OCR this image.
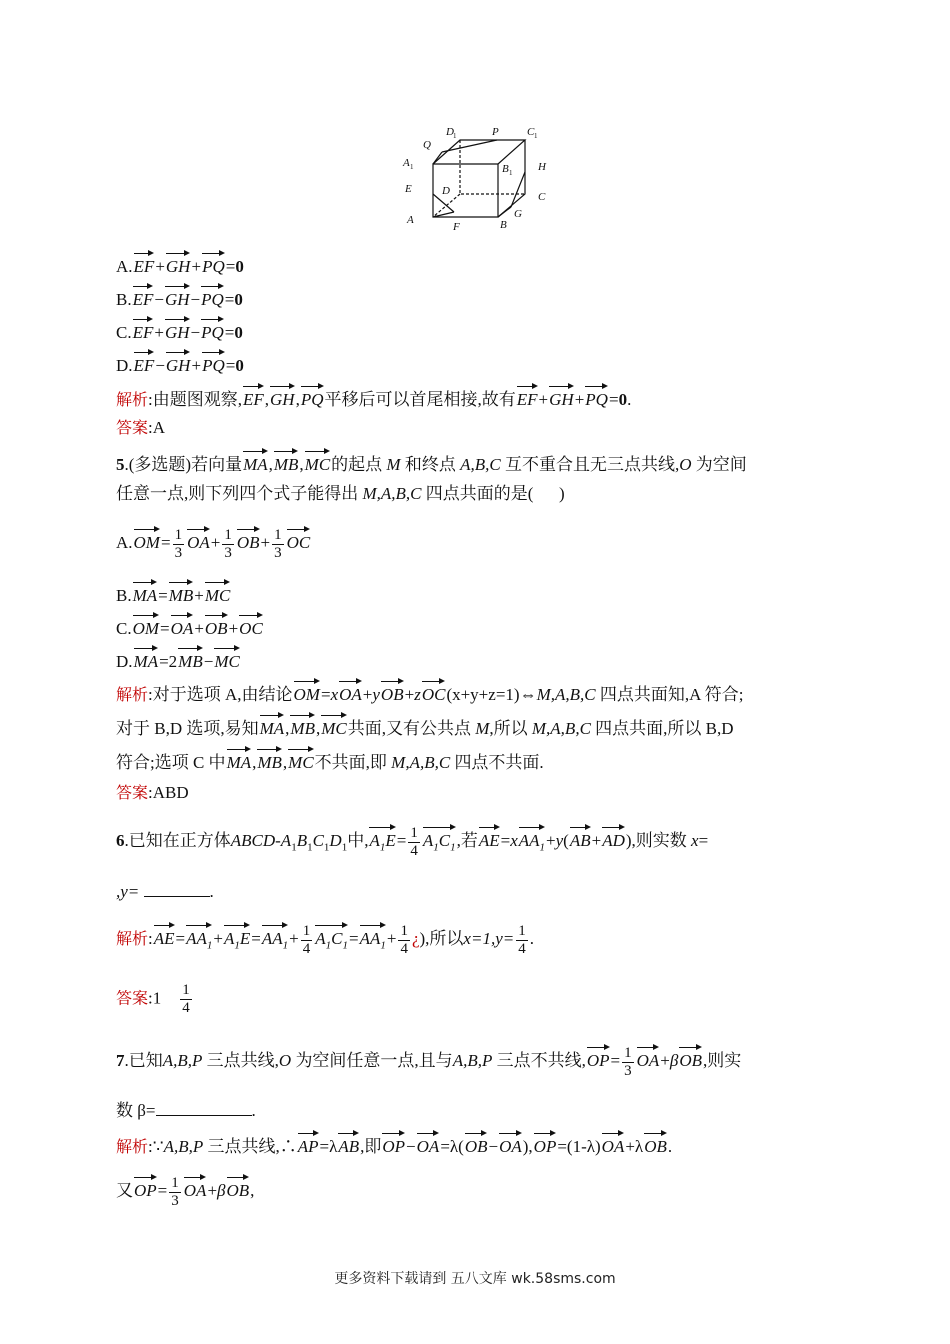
D 1	P	C 1
Q
A 1	B 1 H
E	D	C
G
A	B
F
A.EF+GH+PQ=0
B.EF−GH−PQ=0
C.EF+GH−PQ=0
D.EF−GH+PQ=0
解析:由题图观察,EF,GH,PQ平移后可以首尾相接,故有EF+GH+PQ=0.
答案:A
5.(多选题)若向量MA,MB,MC的起点 M 和终点 A,B,C 互不重合且无三点共线,O 为空间
任意一点,则下列四个式子能得出 M,A,B,C 四点共面的是( )
$A.OM= \frac{1}{3} OA+ \frac{1}{3} OB+ \frac{1}{3}$ OC
B.MA=MB+MC
C.OM=OA+OB+OC
D.MA=2MB−MC
解析:对于选项 A,由结论OM=xOA+yOB+zOC(x+y+z=1)⇔M,A,B,C 四点共面知,A 符合;
对于 B,D 选项,易知MA,MB,MC共面,又有公共点 M,所以 M,A,B,C 四点共面,所以 B,D
符合;选项 C 中MA,MB,MC不共面,即 M,A,B,C 四点不共面.
答案:ABD
6.已知在正方体ABCD-$A_1B_1C_1D_1$中$,A_1E= \frac{1}{4} A_1C_1$,若AE=xAA$_1$+y(AB+AD),则实数 x=
,y=	.
解析$:AE=AA_1+A_1E=AA_1+ \frac{1}{4} A_1C_1=AA_1+ \frac{1}{4}$ ¿),所以$x=1,y= \frac{1}{4}$ .
答案:1 $\frac{1}{4}$
7.已知A,B,P 三点共线,O 为空间任意一点,且与A,B,P 三点不共线$,OP= \frac{1}{3} OA+\beta OB$,则实
数 β=	.
解析:∵A,B,P 三点共线,∴AP=λAB,即OP−OA=λ(OB−OA),OP=(1-λ)OA+λOB.
又$OP= \frac{1}{3} OA+\beta OB$,
更多资料下载请到 五八文库 wk.58sms.com
